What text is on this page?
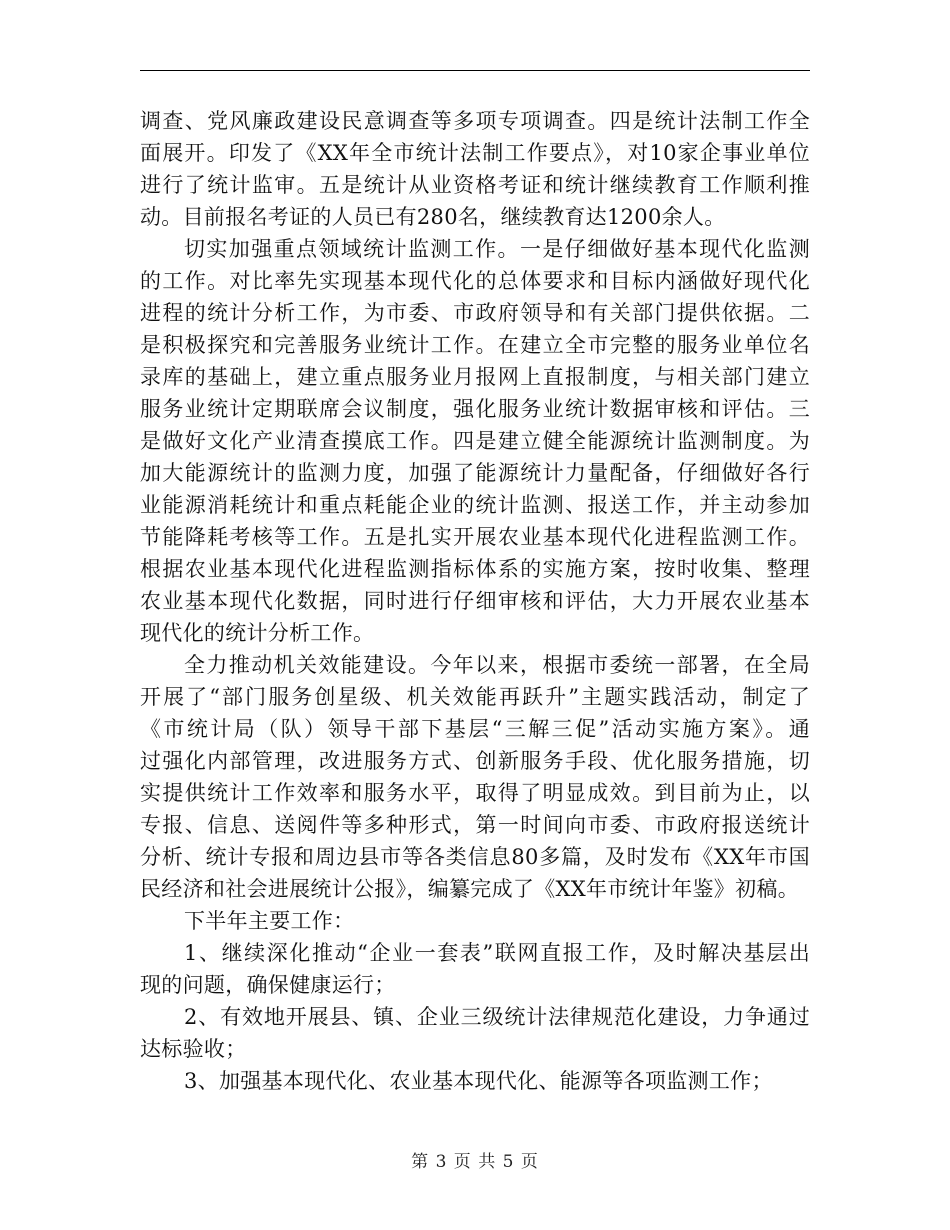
调查、党风廉政建设民意调查等多项专项调查。四是统计法制工作全
面展开。印发了《XX年全市统计法制工作要点》，对10家企事业单位
进行了统计监审。五是统计从业资格考证和统计继续教育工作顺利推
动。目前报名考证的人员已有280名，继续教育达1200余人。
切实加强重点领域统计监测工作。一是仔细做好基本现代化监测
的工作。对比率先实现基本现代化的总体要求和目标内涵做好现代化
进程的统计分析工作，为市委、市政府领导和有关部门提供依据。二
是积极探究和完善服务业统计工作。在建立全市完整的服务业单位名
录库的基础上，建立重点服务业月报网上直报制度，与相关部门建立
服务业统计定期联席会议制度，强化服务业统计数据审核和评估。三
是做好文化产业清查摸底工作。四是建立健全能源统计监测制度。为
加大能源统计的监测力度，加强了能源统计力量配备，仔细做好各行
业能源消耗统计和重点耗能企业的统计监测、报送工作，并主动参加
节能降耗考核等工作。五是扎实开展农业基本现代化进程监测工作。
根据农业基本现代化进程监测指标体系的实施方案，按时收集、整理
农业基本现代化数据，同时进行仔细审核和评估，大力开展农业基本
现代化的统计分析工作。
全力推动机关效能建设。今年以来，根据市委统一部署，在全局
开展了“部门服务创星级、机关效能再跃升”主题实践活动，制定了
《市统计局（队）领导干部下基层“三解三促”活动实施方案》。通
过强化内部管理，改进服务方式、创新服务手段、优化服务措施，切
实提供统计工作效率和服务水平，取得了明显成效。到目前为止，以
专报、信息、送阅件等多种形式，第一时间向市委、市政府报送统计
分析、统计专报和周边县市等各类信息80多篇，及时发布《XX年市国
民经济和社会进展统计公报》，编纂完成了《XX年市统计年鉴》初稿。
下半年主要工作：
1、继续深化推动“企业一套表”联网直报工作，及时解决基层出
现的问题，确保健康运行；
2、有效地开展县、镇、企业三级统计法律规范化建设，力争通过
达标验收；
3、加强基本现代化、农业基本现代化、能源等各项监测工作；
第 3 页 共 5 页
